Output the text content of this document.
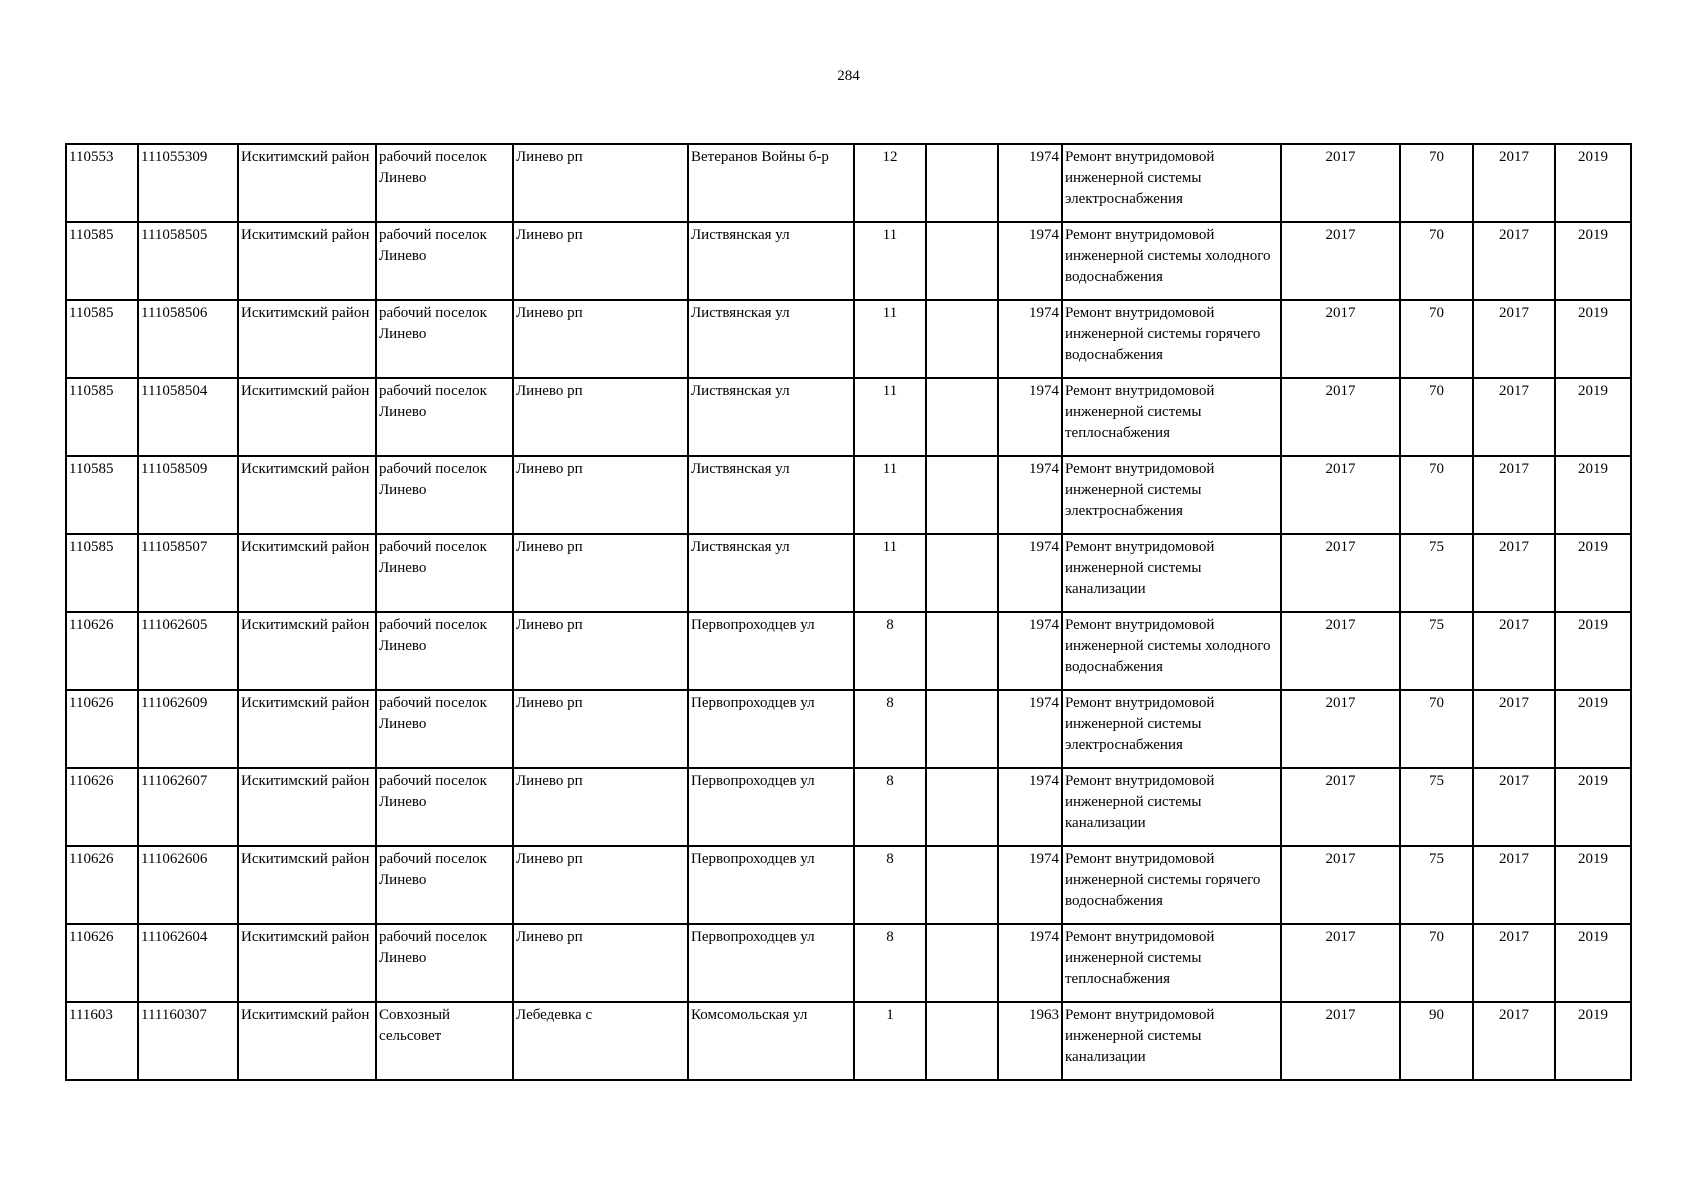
284
110553	111055309	Искитимский район	рабочий поселок Линево	Линево рп	Ветеранов Войны б-р	12		1974	Ремонт внутридомовой инженерной системы электроснабжения	2017	70	2017	2019
110585	111058505	Искитимский район	рабочий поселок Линево	Линево рп	Листвянская ул	11		1974	Ремонт внутридомовой инженерной системы холодного водоснабжения	2017	70	2017	2019
110585	111058506	Искитимский район	рабочий поселок Линево	Линево рп	Листвянская ул	11		1974	Ремонт внутридомовой инженерной системы горячего водоснабжения	2017	70	2017	2019
110585	111058504	Искитимский район	рабочий поселок Линево	Линево рп	Листвянская ул	11		1974	Ремонт внутридомовой инженерной системы теплоснабжения	2017	70	2017	2019
110585	111058509	Искитимский район	рабочий поселок Линево	Линево рп	Листвянская ул	11		1974	Ремонт внутридомовой инженерной системы электроснабжения	2017	70	2017	2019
110585	111058507	Искитимский район	рабочий поселок Линево	Линево рп	Листвянская ул	11		1974	Ремонт внутридомовой инженерной системы канализации	2017	75	2017	2019
110626	111062605	Искитимский район	рабочий поселок Линево	Линево рп	Первопроходцев ул	8		1974	Ремонт внутридомовой инженерной системы холодного водоснабжения	2017	75	2017	2019
110626	111062609	Искитимский район	рабочий поселок Линево	Линево рп	Первопроходцев ул	8		1974	Ремонт внутридомовой инженерной системы электроснабжения	2017	70	2017	2019
110626	111062607	Искитимский район	рабочий поселок Линево	Линево рп	Первопроходцев ул	8		1974	Ремонт внутридомовой инженерной системы канализации	2017	75	2017	2019
110626	111062606	Искитимский район	рабочий поселок Линево	Линево рп	Первопроходцев ул	8		1974	Ремонт внутридомовой инженерной системы горячего водоснабжения	2017	75	2017	2019
110626	111062604	Искитимский район	рабочий поселок Линево	Линево рп	Первопроходцев ул	8		1974	Ремонт внутридомовой инженерной системы теплоснабжения	2017	70	2017	2019
111603	111160307	Искитимский район	Совхозный сельсовет	Лебедевка с	Комсомольская ул	1		1963	Ремонт внутридомовой инженерной системы канализации	2017	90	2017	2019
